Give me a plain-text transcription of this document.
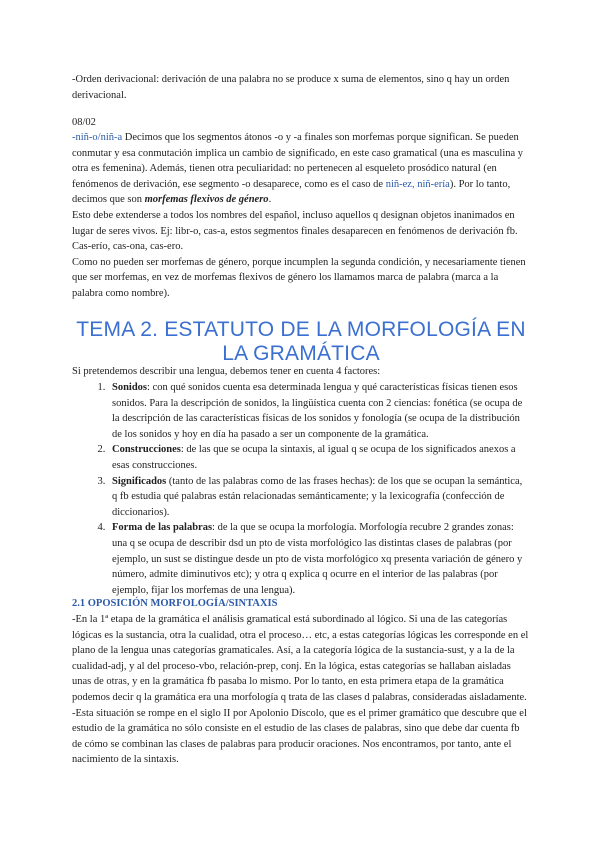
-Orden derivacional: derivación de una palabra no se produce x suma de elementos, sino q hay un orden derivacional.

08/02

-niñ-o/niñ-a Decimos que los segmentos átonos -o y -a finales son morfemas porque significan. Se pueden conmutar y esa conmutación implica un cambio de significado, en este caso gramatical (una es masculina y otra es femenina). Además, tienen otra peculiaridad: no pertenecen al esqueleto prosódico natural (en fenómenos de derivación, ese segmento -o desaparece, como es el caso de niñ-ez, niñ-ería). Por lo tanto, decimos que son morfemas flexivos de género.

Esto debe extenderse a todos los nombres del español, incluso aquellos q designan objetos inanimados en lugar de seres vivos. Ej: libr-o, cas-a, estos segmentos finales desaparecen en fenómenos de derivación fb. Cas-erío, cas-ona, cas-ero.

Como no pueden ser morfemas de género, porque incumplen la segunda condición, y necesariamente tienen que ser morfemas, en vez de morfemas flexivos de género los llamamos marca de palabra (marca a la palabra como nombre).

TEMA 2. ESTATUTO DE LA MORFOLOGÍA EN LA GRAMÁTICA

Si pretendemos describir una lengua, debemos tener en cuenta 4 factores:

1. Sonidos: con qué sonidos cuenta esa determinada lengua y qué características físicas tienen esos sonidos. Para la descripción de sonidos, la lingüística cuenta con 2 ciencias: fonética (se ocupa de la descripción de las características físicas de los sonidos y fonología (se ocupa de la distribución de los sonidos y hoy en día ha pasado a ser un componente de la gramática.

2. Construcciones: de las que se ocupa la sintaxis, al igual q se ocupa de los significados anexos a esas construcciones.

3. Significados (tanto de las palabras como de las frases hechas): de los que se ocupan la semántica, q fb estudia qué palabras están relacionadas semánticamente; y la lexicografía (confección de diccionarios).

4. Forma de las palabras: de la que se ocupa la morfología. Morfología recubre 2 grandes zonas: una q se ocupa de describir dsd un pto de vista morfológico las distintas clases de palabras (por ejemplo, un sust se distingue desde un pto de vista morfológico xq presenta variación de género y número, admite diminutivos etc); y otra q explica q ocurre en el interior de las palabras (por ejemplo, fijar los morfemas de una lengua).

2.1 OPOSICIÓN MORFOLOGÍA/SINTAXIS

-En la 1ª etapa de la gramática el análisis gramatical está subordinado al lógico. Si una de las categorías lógicas es la sustancia, otra la cualidad, otra el proceso… etc, a estas categorías lógicas les corresponde en el plano de la lengua unas categorías gramaticales. Así, a la categoría lógica de la sustancia-sust, y a la de la cualidad-adj, y al del proceso-vbo, relación-prep, conj. En la lógica, estas categorías se hallaban aisladas unas de otras, y en la gramática fb pasaba lo mismo. Por lo tanto, en esta primera etapa de la gramática podemos decir q la gramática era una morfología q trata de las clases d palabras, consideradas aisladamente.

-Esta situación se rompe en el siglo II por Apolonio Díscolo, que es el primer gramático que descubre que el estudio de la gramática no sólo consiste en el estudio de las clases de palabras, sino que debe dar cuenta fb de cómo se combinan las clases de palabras para producir oraciones. Nos encontramos, por tanto, ante el nacimiento de la sintaxis.
